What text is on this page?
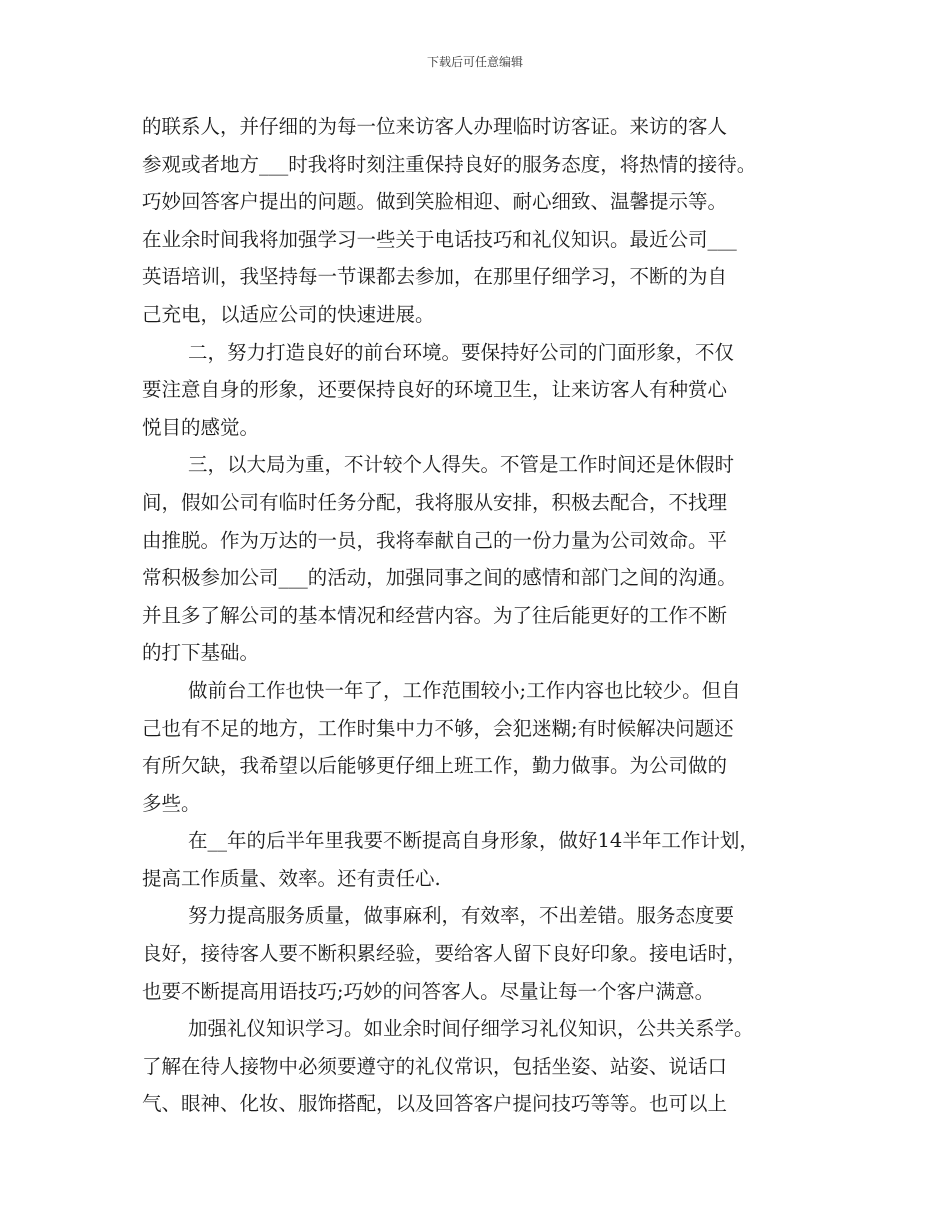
下载后可任意编辑
的联系人，并仔细的为每一位来访客人办理临时访客证。来访的客人
参观或者地方___时我将时刻注重保持良好的服务态度，将热情的接待。
巧妙回答客户提出的问题。做到笑脸相迎、耐心细致、温馨提示等。
在业余时间我将加强学习一些关于电话技巧和礼仪知识。最近公司___
英语培训，我坚持每一节课都去参加，在那里仔细学习，不断的为自
己充电，以适应公司的快速进展。
二，努力打造良好的前台环境。要保持好公司的门面形象，不仅
要注意自身的形象，还要保持良好的环境卫生，让来访客人有种赏心
悦目的感觉。
三，以大局为重，不计较个人得失。不管是工作时间还是休假时
间，假如公司有临时任务分配，我将服从安排，积极去配合，不找理
由推脱。作为万达的一员，我将奉献自己的一份力量为公司效命。平
常积极参加公司___的活动，加强同事之间的感情和部门之间的沟通。
并且多了解公司的基本情况和经营内容。为了往后能更好的工作不断
的打下基础。
做前台工作也快一年了，工作范围较小;工作内容也比较少。但自
己也有不足的地方，工作时集中力不够，会犯迷糊;有时候解决问题还
有所欠缺，我希望以后能够更仔细上班工作，勤力做事。为公司做的
多些。
在__年的后半年里我要不断提高自身形象，做好14半年工作计划，
提高工作质量、效率。还有责任心.
努力提高服务质量，做事麻利，有效率，不出差错。服务态度要
良好，接待客人要不断积累经验，要给客人留下良好印象。接电话时，
也要不断提高用语技巧;巧妙的问答客人。尽量让每一个客户满意。
加强礼仪知识学习。如业余时间仔细学习礼仪知识，公共关系学。
了解在待人接物中必须要遵守的礼仪常识，包括坐姿、站姿、说话口
气、眼神、化妆、服饰搭配，以及回答客户提问技巧等等。也可以上
